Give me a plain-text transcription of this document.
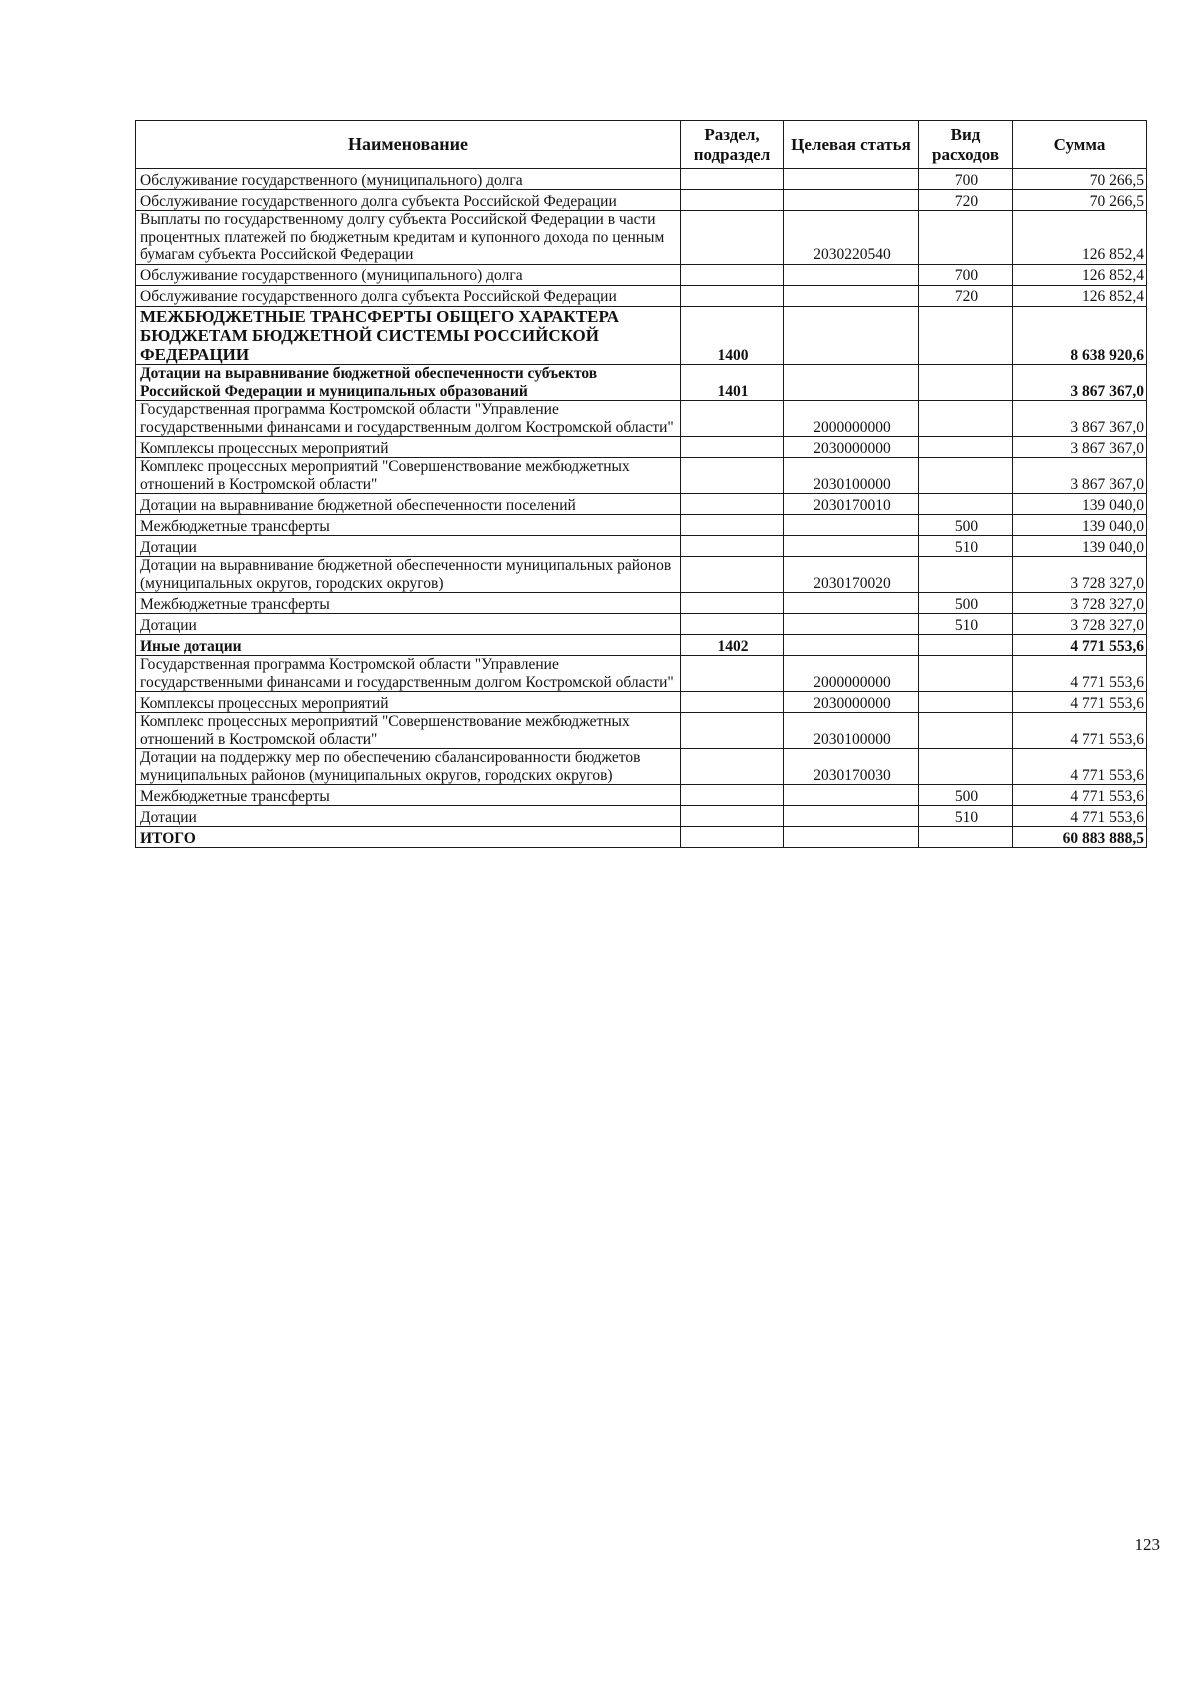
Наименование	Раздел, подраздел	Целевая статья	Вид расходов	Сумма
Обслуживание государственного (муниципального) долга			700	70 266,5
Обслуживание государственного долга субъекта Российской Федерации			720	70 266,5
Выплаты по государственному долгу субъекта Российской Федерации в части процентных платежей по бюджетным кредитам и купонного дохода по ценным бумагам субъекта Российской Федерации		2030220540		126 852,4
Обслуживание государственного (муниципального) долга			700	126 852,4
Обслуживание государственного долга субъекта Российской Федерации			720	126 852,4
МЕЖБЮДЖЕТНЫЕ ТРАНСФЕРТЫ ОБЩЕГО ХАРАКТЕРА БЮДЖЕТАМ БЮДЖЕТНОЙ СИСТЕМЫ РОССИЙСКОЙ ФЕДЕРАЦИИ	1400			8 638 920,6
Дотации на выравнивание бюджетной обеспеченности субъектов Российской Федерации и муниципальных образований	1401			3 867 367,0
Государственная программа Костромской области "Управление государственными финансами и государственным долгом Костромской области"		2000000000		3 867 367,0
Комплексы процессных мероприятий		2030000000		3 867 367,0
Комплекс процессных мероприятий "Совершенствование межбюджетных отношений в Костромской области"		2030100000		3 867 367,0
Дотации на выравнивание бюджетной обеспеченности поселений		2030170010		139 040,0
Межбюджетные трансферты			500	139 040,0
Дотации			510	139 040,0
Дотации на выравнивание бюджетной обеспеченности муниципальных районов (муниципальных округов, городских округов)		2030170020		3 728 327,0
Межбюджетные трансферты			500	3 728 327,0
Дотации			510	3 728 327,0
Иные дотации	1402			4 771 553,6
Государственная программа Костромской области "Управление государственными финансами и государственным долгом Костромской области"		2000000000		4 771 553,6
Комплексы процессных мероприятий		2030000000		4 771 553,6
Комплекс процессных мероприятий "Совершенствование межбюджетных отношений в Костромской области"		2030100000		4 771 553,6
Дотации на поддержку мер по обеспечению сбалансированности бюджетов муниципальных районов (муниципальных округов, городских округов)		2030170030		4 771 553,6
Межбюджетные трансферты			500	4 771 553,6
Дотации			510	4 771 553,6
ИТОГО				60 883 888,5
123
